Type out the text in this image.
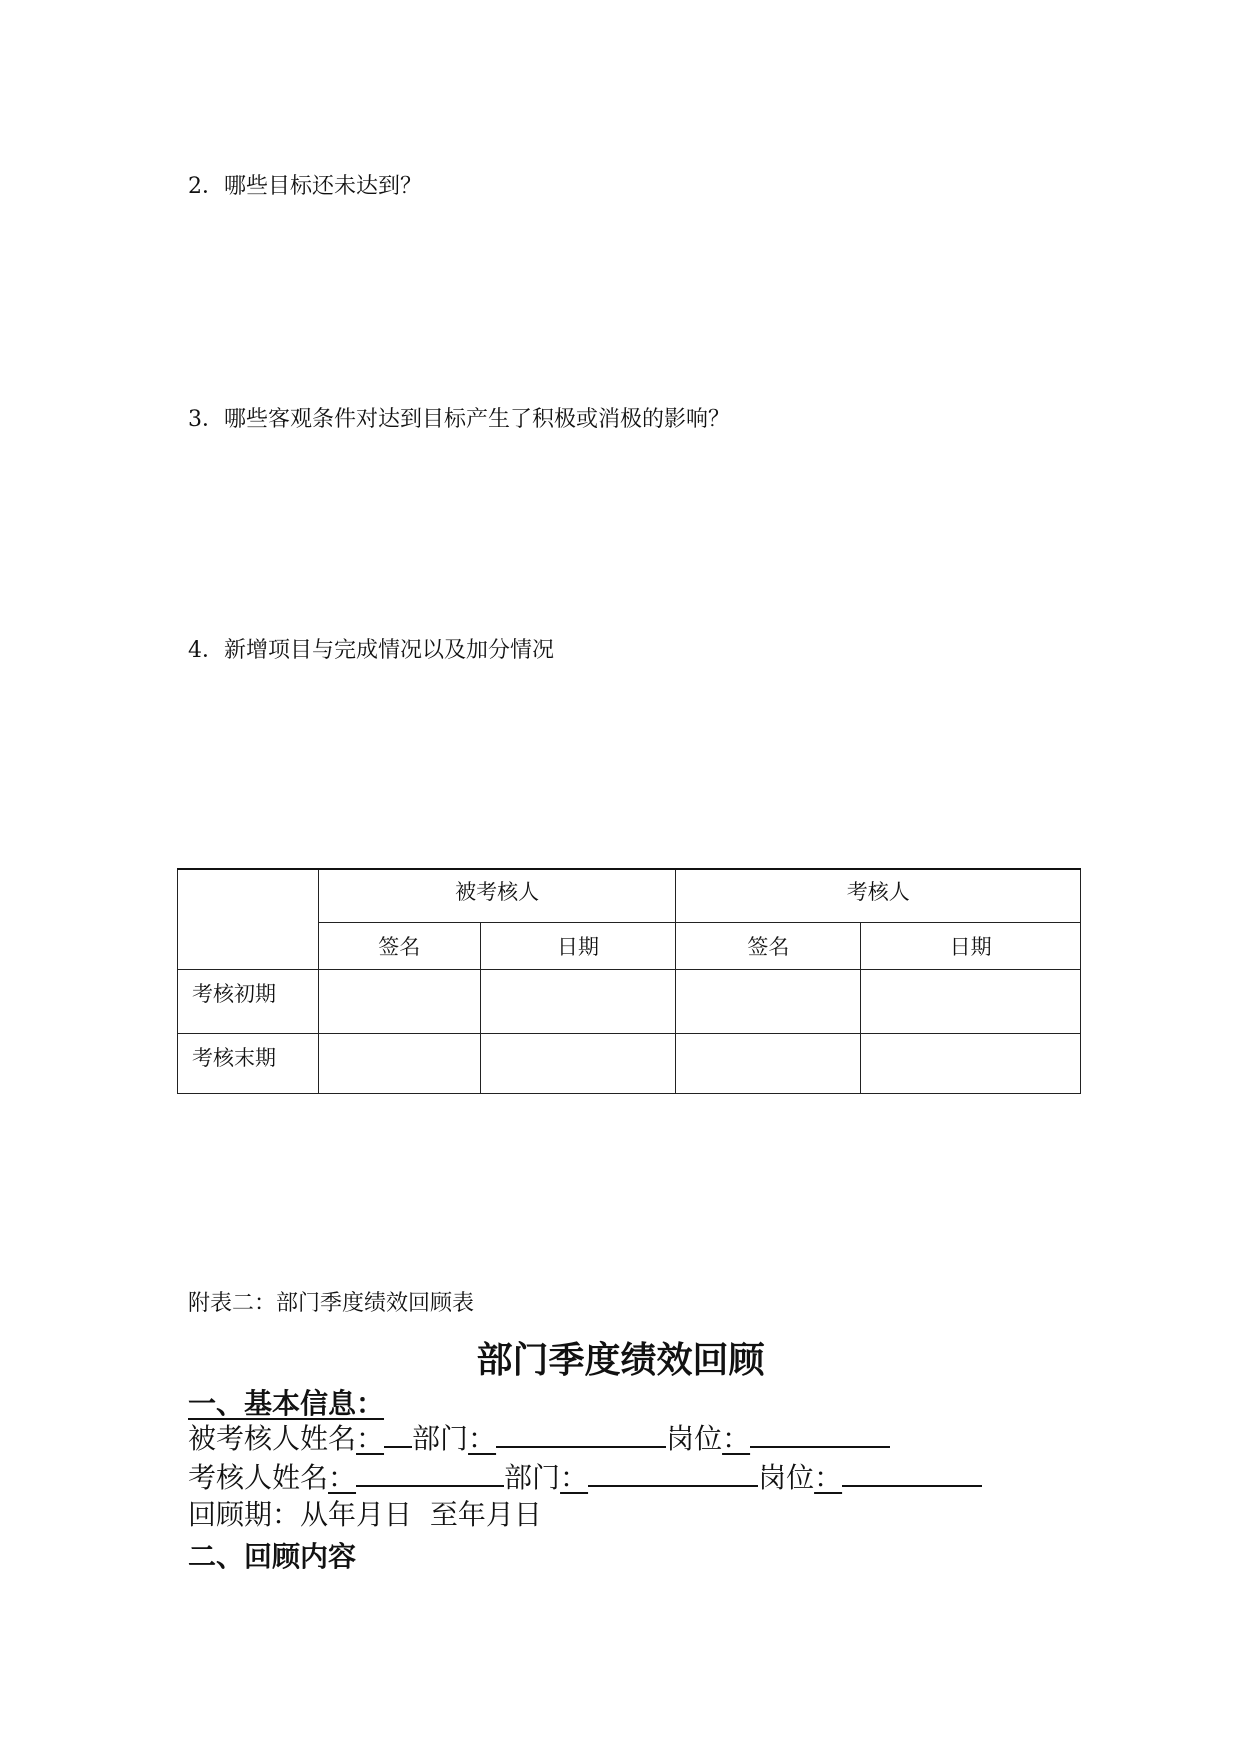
2．哪些目标还未达到？
3．哪些客观条件对达到目标产生了积极或消极的影响？
4．新增项目与完成情况以及加分情况
	被考核人		考核人	
	签名	日期	签名	日期
考核初期				
考核末期				
附表二：部门季度绩效回顾表
部门季度绩效回顾
一、基本信息：
被考核人姓名： 部门：	岗位：
考核人姓名：	部门：	岗位：
回顾期：从年月日 至年月日
二、回顾内容
